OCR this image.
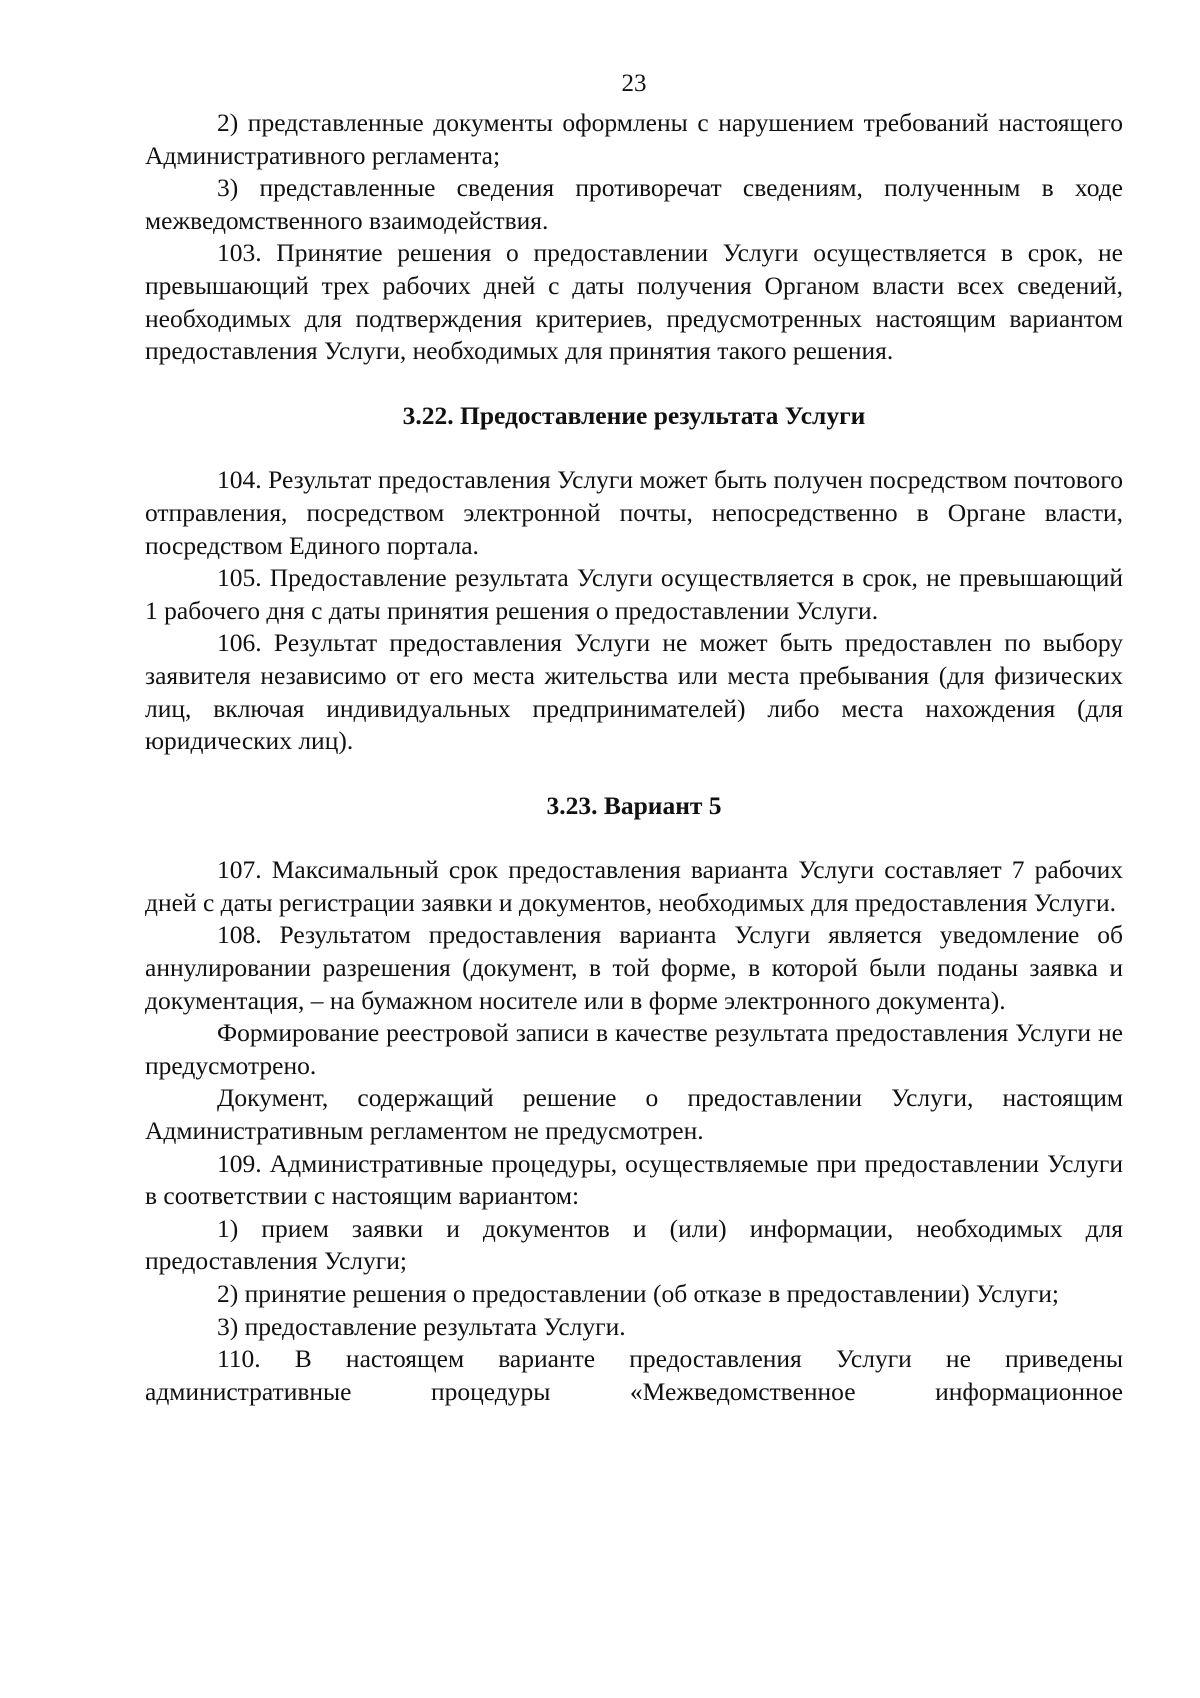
23

2) представленные документы оформлены с нарушением требований настоящего Административного регламента;

3) представленные сведения противоречат сведениям, полученным в ходе межведомственного взаимодействия.

103. Принятие решения о предоставлении Услуги осуществляется в срок, не превышающий трех рабочих дней с даты получения Органом власти всех сведений, необходимых для подтверждения критериев, предусмотренных настоящим вариантом предоставления Услуги, необходимых для принятия такого решения.

3.22. Предоставление результата Услуги

104. Результат предоставления Услуги может быть получен посредством почтового отправления, посредством электронной почты, непосредственно в Органе власти, посредством Единого портала.

105. Предоставление результата Услуги осуществляется в срок, не превышающий 1 рабочего дня с даты принятия решения о предоставлении Услуги.

106. Результат предоставления Услуги не может быть предоставлен по выбору заявителя независимо от его места жительства или места пребывания (для физических лиц, включая индивидуальных предпринимателей) либо места нахождения (для юридических лиц).

3.23. Вариант 5

107. Максимальный срок предоставления варианта Услуги составляет 7 рабочих дней с даты регистрации заявки и документов, необходимых для предоставления Услуги.

108. Результатом предоставления варианта Услуги является уведомление об аннулировании разрешения (документ, в той форме, в которой были поданы заявка и документация, – на бумажном носителе или в форме электронного документа).

Формирование реестровой записи в качестве результата предоставления Услуги не предусмотрено.

Документ, содержащий решение о предоставлении Услуги, настоящим Административным регламентом не предусмотрен.

109. Административные процедуры, осуществляемые при предоставлении Услуги в соответствии с настоящим вариантом:

1) прием заявки и документов и (или) информации, необходимых для предоставления Услуги;

2) принятие решения о предоставлении (об отказе в предоставлении) Услуги;

3) предоставление результата Услуги.

110. В настоящем варианте предоставления Услуги не приведены административные процедуры «Межведомственное информационное
